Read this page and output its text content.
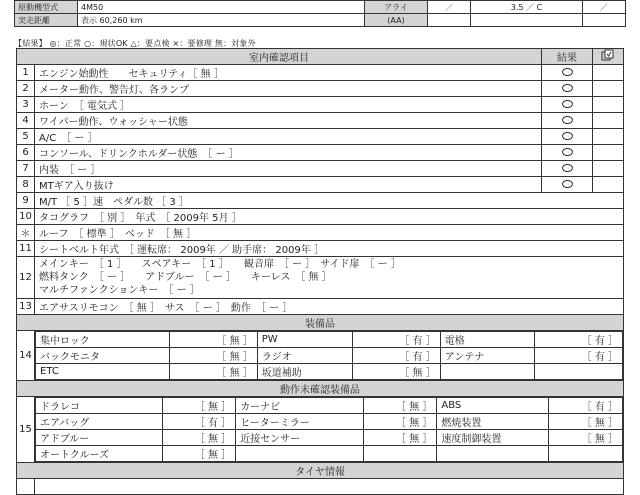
原動機型式	4M50	アライ	／	3.5 ／ C	／
実走距離	表示 60,260 km	(AA)			
【結果】 ◎：正常 ○：現状OK △：要点検 ×：要修理 無：対象外
室内確認項目	結果	
1	エンジン始動性　　セキュリティ［ 無 ］		
2	メーター動作、警告灯、各ランプ		
3	ホーン　［ 電気式 ］		
4	ワイパー動作、ウォッシャー状態		
5	A/C　［ ー ］		
6	コンソール、ドリンクホルダー状態　［ ー ］		
7	内装　［ ー ］		
8	MTギア入り抜け		
9	M/T ［ 5 ］速　ペダル数 ［ 3 ］
10	タコグラフ　［ 別 ］　年式　［ 2009年 5月 ］
＊	ルーフ　［ 標準 ］　ベッド　［ 無 ］
11	シートベルト年式　［ 運転席： 2009年 ／ 助手席： 2009年 ］
12	
メインキー　［ 1 ］　　スペアキー　［ 1 ］　　観音扉　［ ー ］　サイド扉　［ ー ］
燃料タンク　［ ー ］　　アドブルー　［ ー ］　　キーレス　［ 無 ］
マルチファンクションキー　［ ー ］

13	エアサスリモコン　［ 無 ］　サス　［ ー ］　動作　［ ー ］
装備品
14	
集中ロック	［ 無 ］	PW	［ 有 ］	電格	［ 有 ］
バックモニタ	［ 無 ］	ラジオ	［ 有 ］	アンテナ	［ 有 ］
ETC	［ 無 ］	坂道補助	［ 無 ］		

動作未確認装備品
15	
ドラレコ	［ 無 ］	カーナビ	［ 無 ］	ABS	［ 有 ］
エアバッグ	［ 有 ］	ヒーターミラー	［ 無 ］	燃焼装置	［ 無 ］
アドブルー	［ 無 ］	近接センサー	［ 無 ］	速度制御装置	［ 無 ］
オートクルーズ	［ 無 ］				

タイヤ情報
